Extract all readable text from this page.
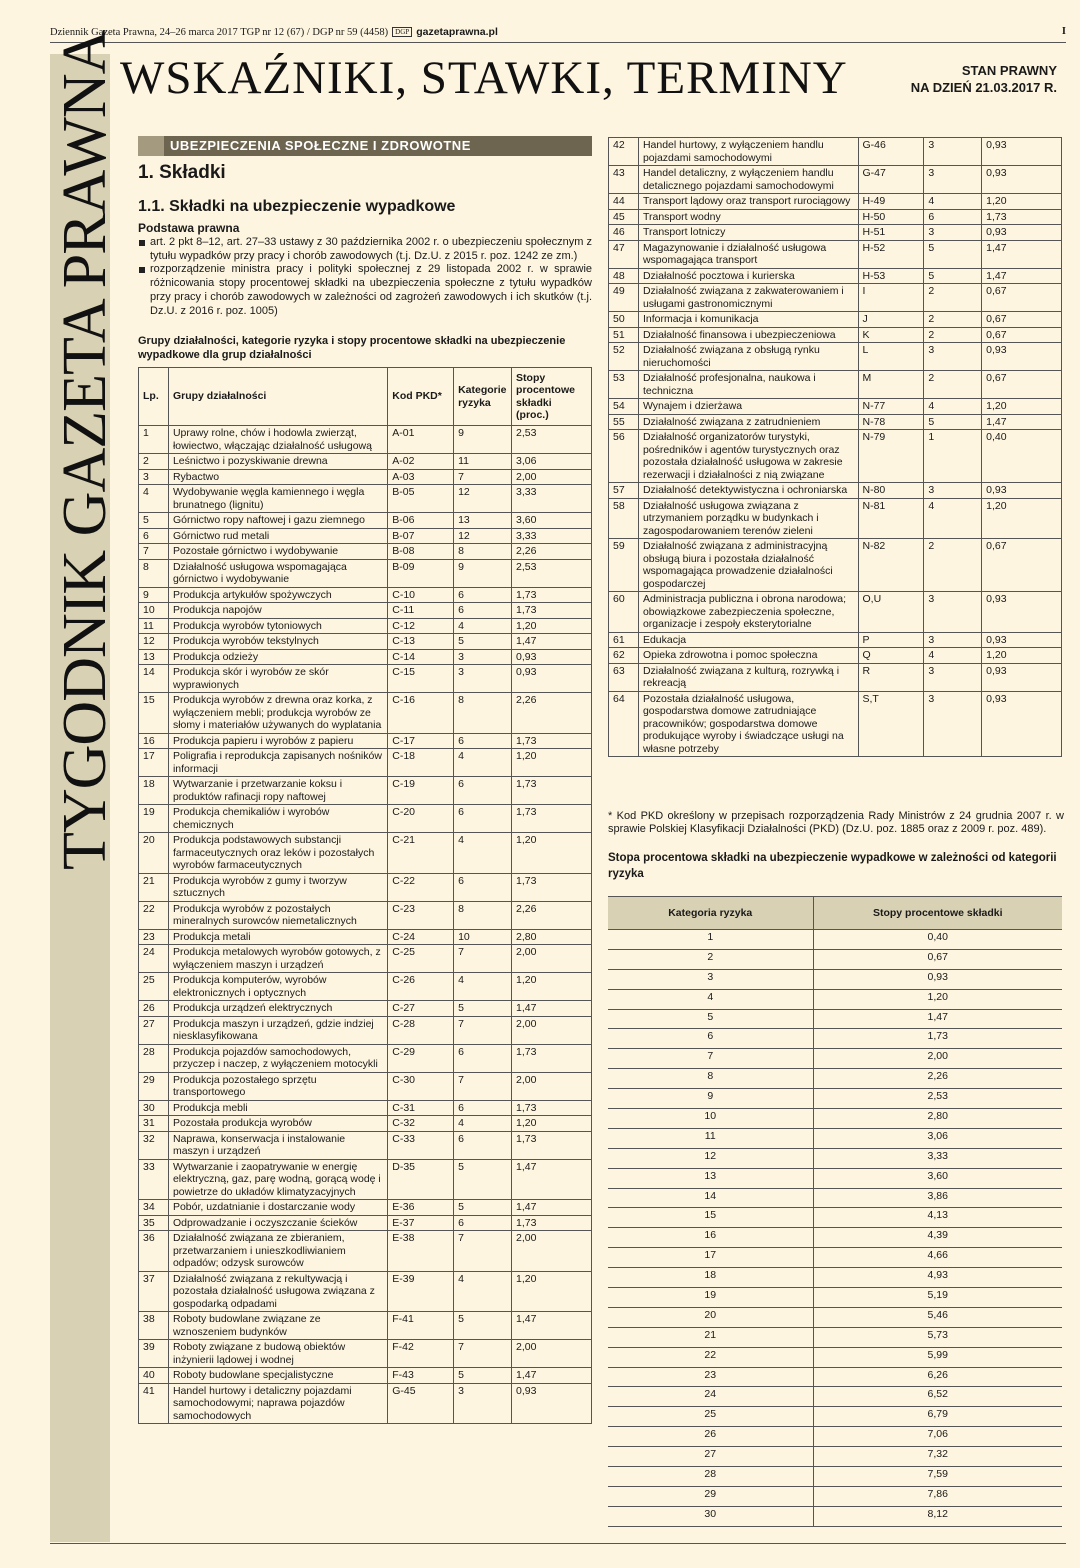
Dziennik Gazeta Prawna, 24–26 marca 2017 TGP nr 12 (67) / DGP nr 59 (4458) DGP gazetaprawna.pl	I
TYGODNIK GAZETA PRAWNA WSKAŹNIKI, STAWKI, TERMINY	STAN PRAWNY
NA DZIEŃ 21.03.2017 R.
UBEZPIECZENIA SPOŁECZNE I ZDROWOTNE
1. Składki
1.1. Składki na ubezpieczenie wypadkowe
Podstawa prawna
art. 2 pkt 8–12, art. 27–33 ustawy z 30 października 2002 r. o ubezpieczeniu społecznym z tytułu wypadków przy pracy i chorób zawodowych (t.j. Dz.U. z 2015 r. poz. 1242 ze zm.)
rozporządzenie ministra pracy i polityki społecznej z 29 listopada 2002 r. w sprawie różnicowania stopy procentowej składki na ubezpieczenia społeczne z tytułu wypadków przy pracy i chorób zawodowych w zależności od zagrożeń zawodowych i ich skutków (t.j. Dz.U. z 2016 r. poz. 1005)
Grupy działalności, kategorie ryzyka i stopy procentowe składki na ubezpieczenie wypadkowe dla grup działalności
Lp.	Grupy działalności	Kod PKD*	Kategorie ryzyka	Stopy procentowe składki (proc.)
1	Uprawy rolne, chów i hodowla zwierząt, łowiectwo, włączając działalność usługową	A-01	9	2,53
2	Leśnictwo i pozyskiwanie drewna	A-02	11	3,06
3	Rybactwo	A-03	7	2,00
4	Wydobywanie węgla kamiennego i węgla brunatnego (lignitu)	B-05	12	3,33
5	Górnictwo ropy naftowej i gazu ziemnego	B-06	13	3,60
6	Górnictwo rud metali	B-07	12	3,33
7	Pozostałe górnictwo i wydobywanie	B-08	8	2,26
8	Działalność usługowa wspomagająca górnictwo i wydobywanie	B-09	9	2,53
9	Produkcja artykułów spożywczych	C-10	6	1,73
10	Produkcja napojów	C-11	6	1,73
11	Produkcja wyrobów tytoniowych	C-12	4	1,20
12	Produkcja wyrobów tekstylnych	C-13	5	1,47
13	Produkcja odzieży	C-14	3	0,93
14	Produkcja skór i wyrobów ze skór wyprawionych	C-15	3	0,93
15	Produkcja wyrobów z drewna oraz korka, z wyłączeniem mebli; produkcja wyrobów ze słomy i materiałów używanych do wyplatania	C-16	8	2,26
16	Produkcja papieru i wyrobów z papieru	C-17	6	1,73
17	Poligrafia i reprodukcja zapisanych nośników informacji	C-18	4	1,20
18	Wytwarzanie i przetwarzanie koksu i produktów rafinacji ropy naftowej	C-19	6	1,73
19	Produkcja chemikaliów i wyrobów chemicznych	C-20	6	1,73
20	Produkcja podstawowych substancji farmaceutycznych oraz leków i pozostałych wyrobów farmaceutycznych	C-21	4	1,20
21	Produkcja wyrobów z gumy i tworzyw sztucznych	C-22	6	1,73
22	Produkcja wyrobów z pozostałych mineralnych surowców niemetalicznych	C-23	8	2,26
23	Produkcja metali	C-24	10	2,80
24	Produkcja metalowych wyrobów gotowych, z wyłączeniem maszyn i urządzeń	C-25	7	2,00
25	Produkcja komputerów, wyrobów elektronicznych i optycznych	C-26	4	1,20
26	Produkcja urządzeń elektrycznych	C-27	5	1,47
27	Produkcja maszyn i urządzeń, gdzie indziej niesklasyfikowana	C-28	7	2,00
28	Produkcja pojazdów samochodowych, przyczep i naczep, z wyłączeniem motocykli	C-29	6	1,73
29	Produkcja pozostałego sprzętu transportowego	C-30	7	2,00
30	Produkcja mebli	C-31	6	1,73
31	Pozostała produkcja wyrobów	C-32	4	1,20
32	Naprawa, konserwacja i instalowanie maszyn i urządzeń	C-33	6	1,73
33	Wytwarzanie i zaopatrywanie w energię elektryczną, gaz, parę wodną, gorącą wodę i powietrze do układów klimatyzacyjnych	D-35	5	1,47
34	Pobór, uzdatnianie i dostarczanie wody	E-36	5	1,47
35	Odprowadzanie i oczyszczanie ścieków	E-37	6	1,73
36	Działalność związana ze zbieraniem, przetwarzaniem i unieszkodliwianiem odpadów; odzysk surowców	E-38	7	2,00
37	Działalność związana z rekultywacją i pozostała działalność usługowa związana z gospodarką odpadami	E-39	4	1,20
38	Roboty budowlane związane ze wznoszeniem budynków	F-41	5	1,47
39	Roboty związane z budową obiektów inżynierii lądowej i wodnej	F-42	7	2,00
40	Roboty budowlane specjalistyczne	F-43	5	1,47
41	Handel hurtowy i detaliczny pojazdami samochodowymi; naprawa pojazdów samochodowych	G-45	3	0,93
42	Handel hurtowy, z wyłączeniem handlu pojazdami samochodowymi	G-46	3	0,93
43	Handel detaliczny, z wyłączeniem handlu detalicznego pojazdami samochodowymi	G-47	3	0,93
44	Transport lądowy oraz transport rurociągowy	H-49	4	1,20
45	Transport wodny	H-50	6	1,73
46	Transport lotniczy	H-51	3	0,93
47	Magazynowanie i działalność usługowa wspomagająca transport	H-52	5	1,47
48	Działalność pocztowa i kurierska	H-53	5	1,47
49	Działalność związana z zakwaterowaniem i usługami gastronomicznymi	I	2	0,67
50	Informacja i komunikacja	J	2	0,67
51	Działalność finansowa i ubezpieczeniowa	K	2	0,67
52	Działalność związana z obsługą rynku nieruchomości	L	3	0,93
53	Działalność profesjonalna, naukowa i techniczna	M	2	0,67
54	Wynajem i dzierżawa	N-77	4	1,20
55	Działalność związana z zatrudnieniem	N-78	5	1,47
56	Działalność organizatorów turystyki, pośredników i agentów turystycznych oraz pozostała działalność usługowa w zakresie rezerwacji i działalności z nią związane	N-79	1	0,40
57	Działalność detektywistyczna i ochroniarska	N-80	3	0,93
58	Działalność usługowa związana z utrzymaniem porządku w budynkach i zagospodarowaniem terenów zieleni	N-81	4	1,20
59	Działalność związana z administracyjną obsługą biura i pozostała działalność wspomagająca prowadzenie działalności gospodarczej	N-82	2	0,67
60	Administracja publiczna i obrona narodowa; obowiązkowe zabezpieczenia społeczne, organizacje i zespoły eksterytorialne	O,U	3	0,93
61	Edukacja	P	3	0,93
62	Opieka zdrowotna i pomoc społeczna	Q	4	1,20
63	Działalność związana z kulturą, rozrywką i rekreacją	R	3	0,93
64	Pozostała działalność usługowa, gospodarstwa domowe zatrudniające pracowników; gospodarstwa domowe produkujące wyroby i świadczące usługi na własne potrzeby	S,T	3	0,93
* Kod PKD określony w przepisach rozporządzenia Rady Ministrów z 24 grudnia 2007 r. w sprawie Polskiej Klasyfikacji Działalności (PKD) (Dz.U. poz. 1885 oraz z 2009 r. poz. 489).
Stopa procentowa składki na ubezpieczenie wypadkowe w zależności od kategorii ryzyka
Kategoria ryzyka	Stopy procentowe składki
1	0,40
2	0,67
3	0,93
4	1,20
5	1,47
6	1,73
7	2,00
8	2,26
9	2,53
10	2,80
11	3,06
12	3,33
13	3,60
14	3,86
15	4,13
16	4,39
17	4,66
18	4,93
19	5,19
20	5,46
21	5,73
22	5,99
23	6,26
24	6,52
25	6,79
26	7,06
27	7,32
28	7,59
29	7,86
30	8,12
